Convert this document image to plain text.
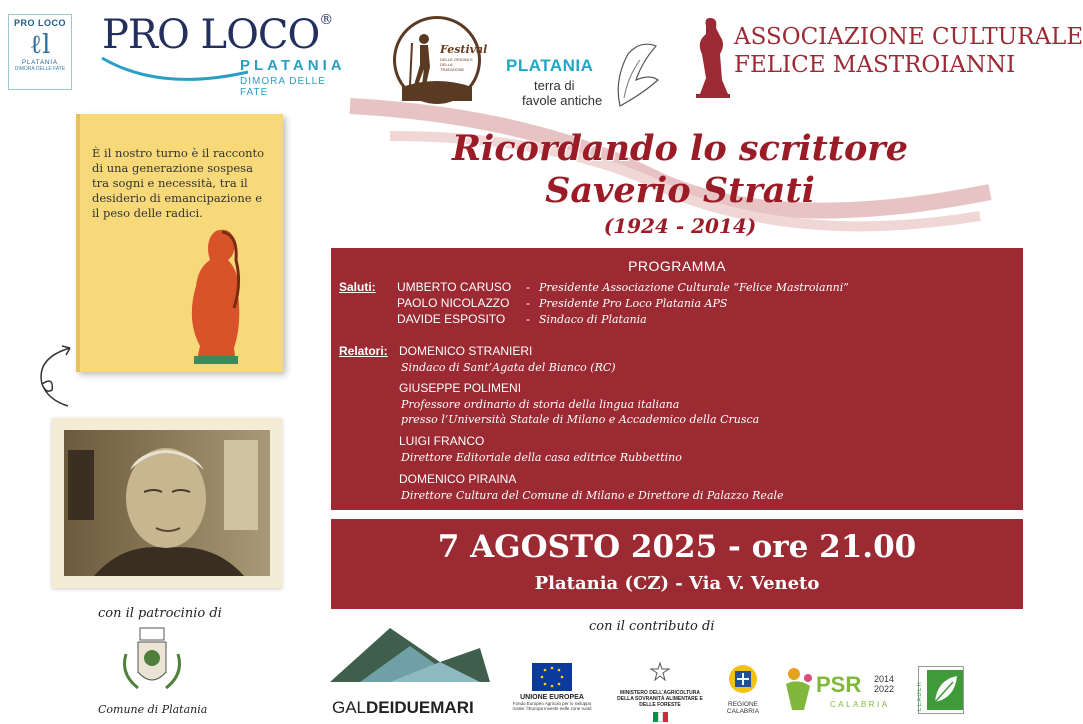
PRO LOCO
ℓl
PLATANIA
DIMORA DELLE FATE
PRO LOCO®
PLATANIA
DIMORA DELLE FATE
Festival
DELLE ORIGINI E DELLA TRADIZIONE	PLATANIA
terra di
favole antiche
ASSOCIAZIONE CULTURALE
FELICE MASTROIANNI
È il nostro turno è il racconto di una generazione sospesa tra sogni e necessità, tra il desiderio di emancipazione e il peso delle radici.
con il patrocinio di
Comune di Platania
Ricordando lo scrittore
Saverio Strati
(1924 - 2014)
PROGRAMMA
Saluti: UMBERTO CARUSO - Presidente Associazione Culturale “Felice Mastroianni”
PAOLO NICOLAZZO - Presidente Pro Loco Platania APS
DAVIDE ESPOSITO - Sindaco di Platania
Relatori: DOMENICO STRANIERI
Sindaco di Sant’Agata del Bianco (RC)
GIUSEPPE POLIMENI
Professore ordinario di storia della lingua italiana
presso l’Università Statale di Milano e Accademico della Crusca
LUIGI FRANCO
Direttore Editoriale della casa editrice Rubbettino
DOMENICO PIRAINA
Direttore Cultura del Comune di Milano e Direttore di Palazzo Reale
7 AGOSTO 2025 - ore 21.00
Platania (CZ) - Via V. Veneto
con il contributo di
GALDEIDUEMARI
UNIONE EUROPEA
Fondo Europeo Agricolo per lo sviluppo rurale: l’Europa investe nelle zone rurali
MINISTERO DELL’AGRICOLTURA DELLA SOVRANITÀ ALIMENTARE E DELLE FORESTE	REGIONE CALABRIA
PSR 2014 2022
CALABRIA	LEADER
